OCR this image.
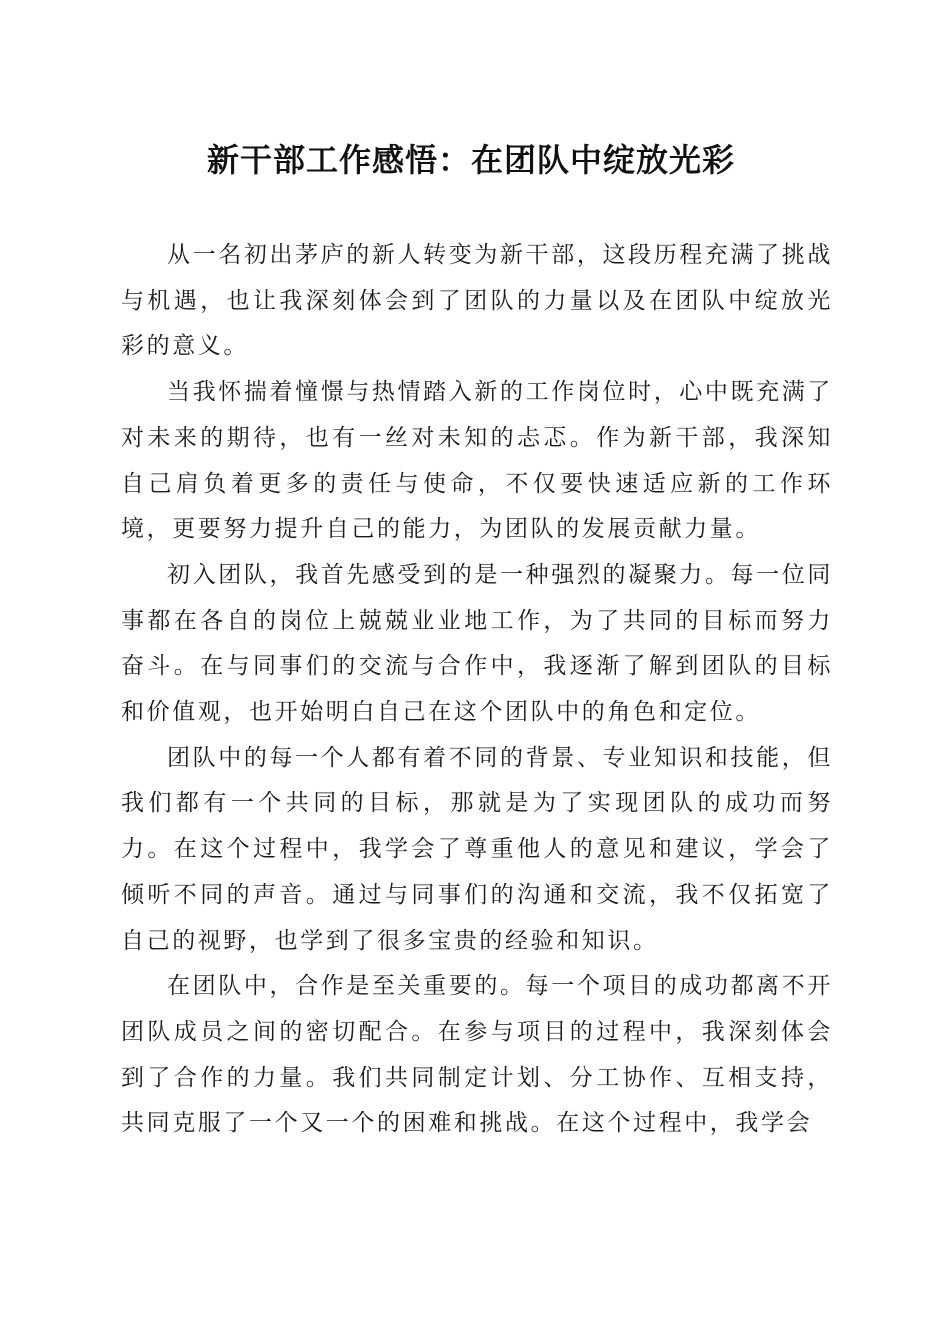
新干部工作感悟：在团队中绽放光彩

从一名初出茅庐的新人转变为新干部，这段历程充满了挑战与机遇，也让我深刻体会到了团队的力量以及在团队中绽放光彩的意义。

当我怀揣着憧憬与热情踏入新的工作岗位时，心中既充满了对未来的期待，也有一丝对未知的忐忑。作为新干部，我深知自己肩负着更多的责任与使命，不仅要快速适应新的工作环境，更要努力提升自己的能力，为团队的发展贡献力量。

初入团队，我首先感受到的是一种强烈的凝聚力。每一位同事都在各自的岗位上兢兢业业地工作，为了共同的目标而努力奋斗。在与同事们的交流与合作中，我逐渐了解到团队的目标和价值观，也开始明白自己在这个团队中的角色和定位。

团队中的每一个人都有着不同的背景、专业知识和技能，但我们都有一个共同的目标，那就是为了实现团队的成功而努力。在这个过程中，我学会了尊重他人的意见和建议，学会了倾听不同的声音。通过与同事们的沟通和交流，我不仅拓宽了自己的视野，也学到了很多宝贵的经验和知识。

在团队中，合作是至关重要的。每一个项目的成功都离不开团队成员之间的密切配合。在参与项目的过程中，我深刻体会到了合作的力量。我们共同制定计划、分工协作、互相支持，共同克服了一个又一个的困难和挑战。在这个过程中，我学会
